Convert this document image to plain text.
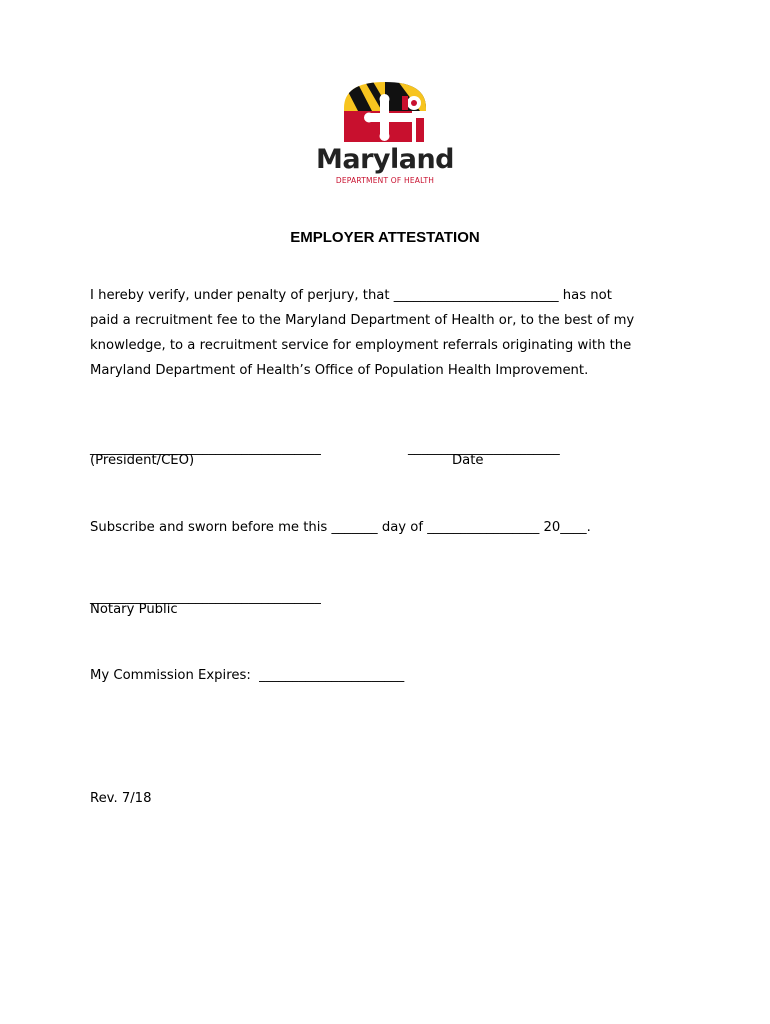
Maryland
DEPARTMENT OF HEALTH
EMPLOYER ATTESTATION
I hereby verify, under penalty of perjury, that _________________________ has not
paid a recruitment fee to the Maryland Department of Health or, to the best of my
knowledge, to a recruitment service for employment referrals originating with the
Maryland Department of Health’s Office of Population Health Improvement.
___________________________________
(President/CEO)
_______________________
Date
Subscribe and sworn before me this _______ day of _________________ 20____.
___________________________________
Notary Public
My Commission Expires:  ______________________
Rev. 7/18
